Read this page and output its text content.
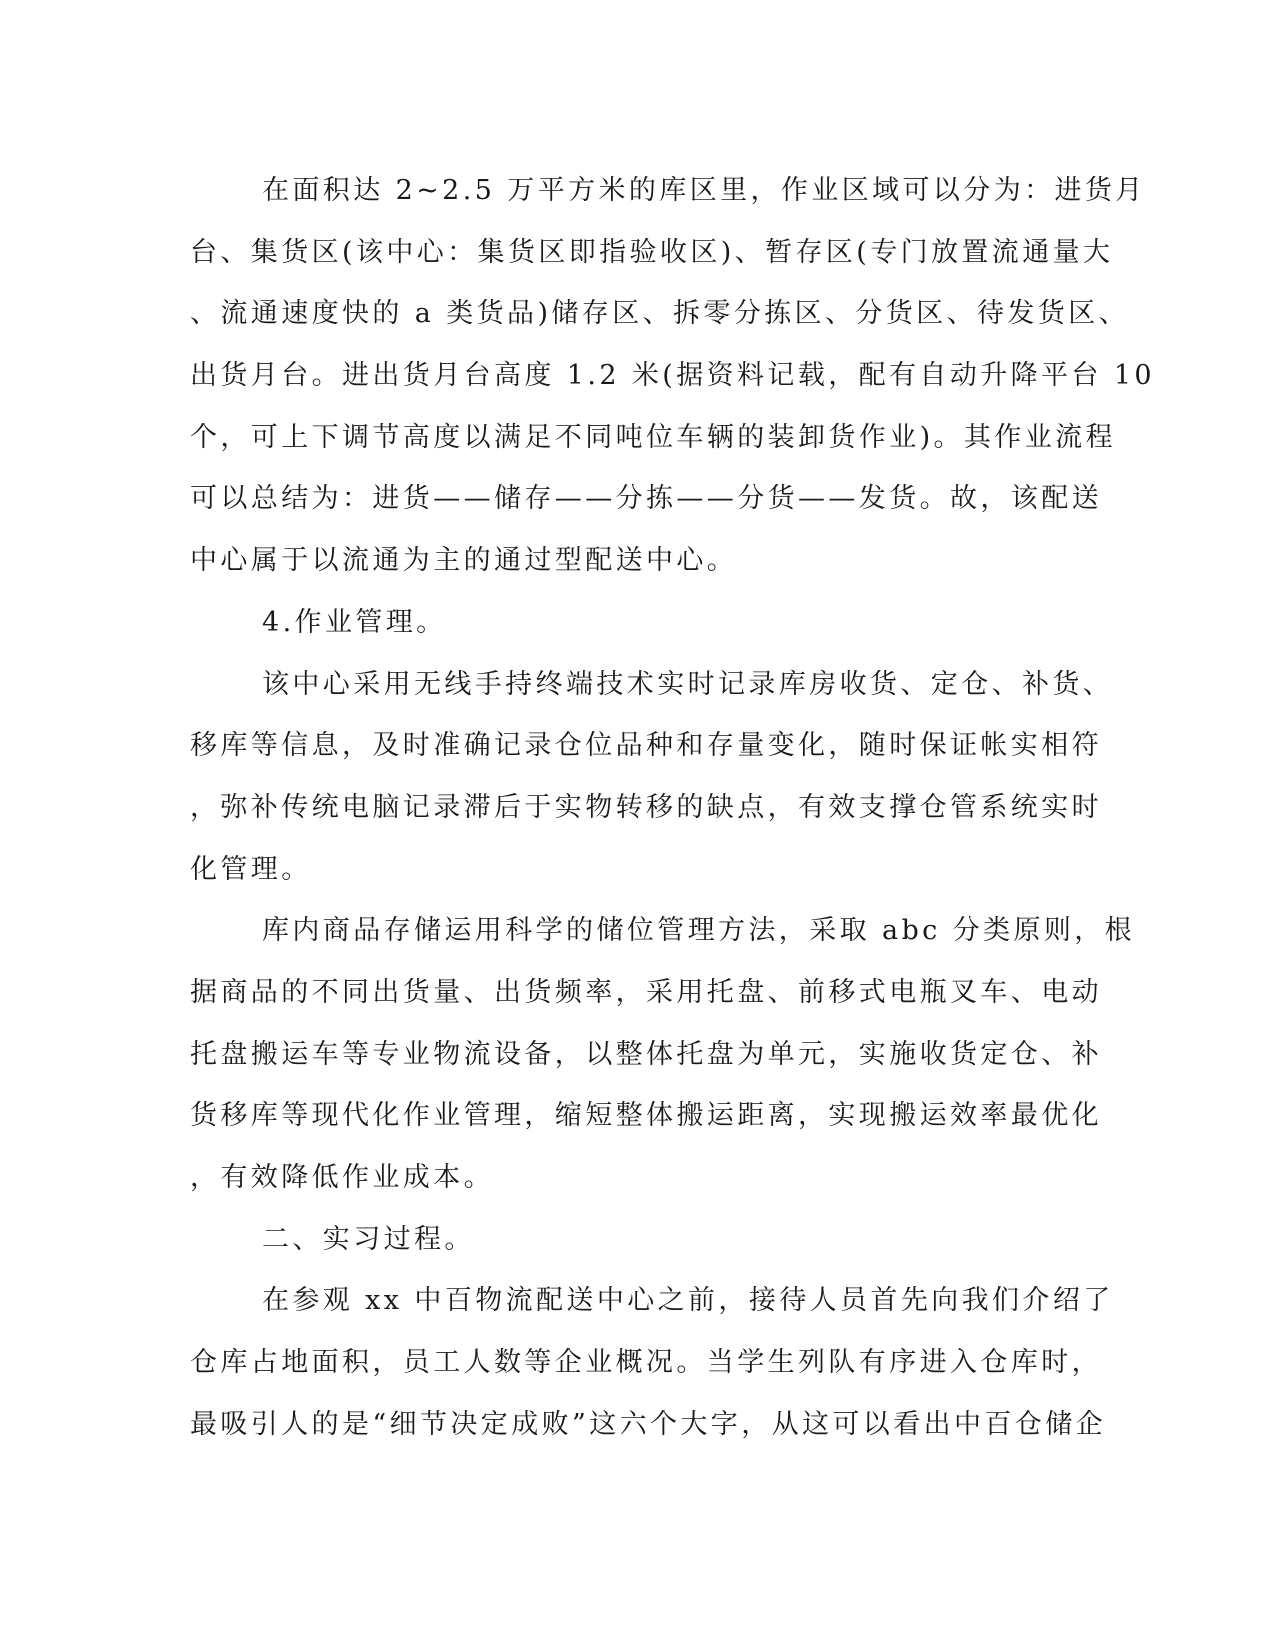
在面积达 2~2.5 万平方米的库区里，作业区域可以分为：进货月
台、集货区(该中心：集货区即指验收区)、暂存区(专门放置流通量大
、流通速度快的 a 类货品)储存区、拆零分拣区、分货区、待发货区、
出货月台。进出货月台高度 1.2 米(据资料记载，配有自动升降平台 10
个，可上下调节高度以满足不同吨位车辆的装卸货作业)。其作业流程
可以总结为：进货——储存——分拣——分货——发货。故，该配送
中心属于以流通为主的通过型配送中心。
4.作业管理。
该中心采用无线手持终端技术实时记录库房收货、定仓、补货、
移库等信息，及时准确记录仓位品种和存量变化，随时保证帐实相符
，弥补传统电脑记录滞后于实物转移的缺点，有效支撑仓管系统实时
化管理。
库内商品存储运用科学的储位管理方法，采取 abc 分类原则，根
据商品的不同出货量、出货频率，采用托盘、前移式电瓶叉车、电动
托盘搬运车等专业物流设备，以整体托盘为单元，实施收货定仓、补
货移库等现代化作业管理，缩短整体搬运距离，实现搬运效率最优化
，有效降低作业成本。
二、实习过程。
在参观 xx 中百物流配送中心之前，接待人员首先向我们介绍了
仓库占地面积，员工人数等企业概况。当学生列队有序进入仓库时，
最吸引人的是“细节决定成败”这六个大字，从这可以看出中百仓储企
